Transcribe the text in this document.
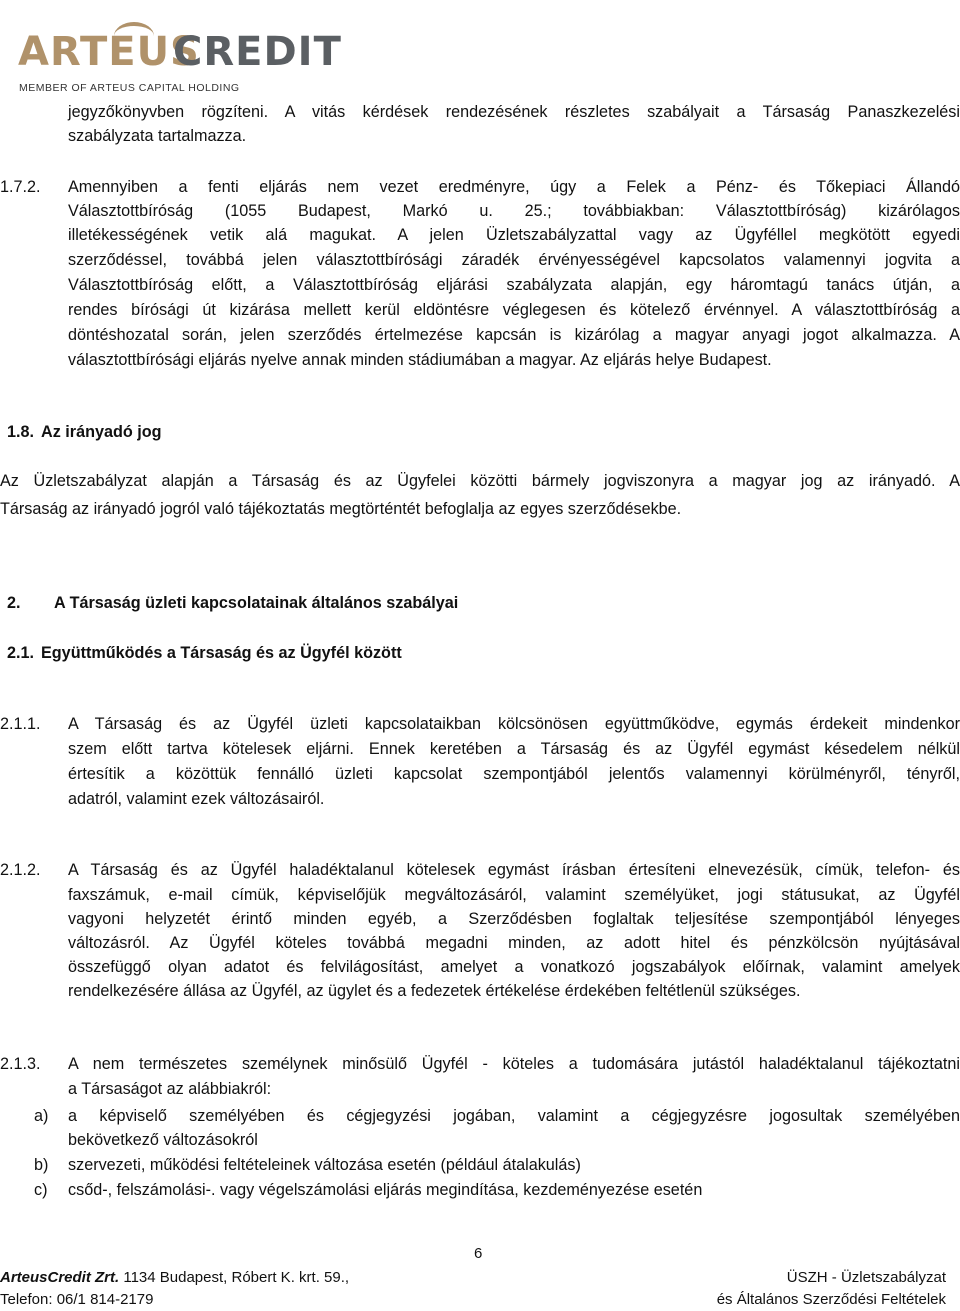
ARTEUS
CREDIT
MEMBER OF ARTEUS CAPITAL HOLDING
jegyzőkönyvben rögzíteni. A vitás kérdések rendezésének részletes szabályait a Társaság Panaszkezelési
szabályzata tartalmazza.
1.7.2. Amennyiben a fenti eljárás nem vezet eredményre, úgy a Felek a Pénz- és Tőkepiaci Állandó
Választottbíróság (1055 Budapest, Markó u. 25.; továbbiakban: Választottbíróság) kizárólagos
illetékességének vetik alá magukat. A jelen Üzletszabályzattal vagy az Ügyféllel megkötött egyedi
szerződéssel, továbbá jelen választottbírósági záradék érvényességével kapcsolatos valamennyi jogvita a
Választottbíróság előtt, a Választottbíróság eljárási szabályzata alapján, egy háromtagú tanács útján, a
rendes bírósági út kizárása mellett kerül eldöntésre véglegesen és kötelező érvénnyel. A választottbíróság a
döntéshozatal során, jelen szerződés értelmezése kapcsán is kizárólag a magyar anyagi jogot alkalmazza. A
választottbírósági eljárás nyelve annak minden stádiumában a magyar. Az eljárás helye Budapest.
1.8. Az irányadó jog
Az Üzletszabályzat alapján a Társaság és az Ügyfelei közötti bármely jogviszonyra a magyar jog az irányadó. A
Társaság az irányadó jogról való tájékoztatás megtörténtét befoglalja az egyes szerződésekbe.
2. A Társaság üzleti kapcsolatainak általános szabályai
2.1. Együttműködés a Társaság és az Ügyfél között
2.1.1. A Társaság és az Ügyfél üzleti kapcsolataikban kölcsönösen együttműködve, egymás érdekeit mindenkor
szem előtt tartva kötelesek eljárni. Ennek keretében a Társaság és az Ügyfél egymást késedelem nélkül
értesítik a közöttük fennálló üzleti kapcsolat szempontjából jelentős valamennyi körülményről, tényről,
adatról, valamint ezek változásairól.
2.1.2. A Társaság és az Ügyfél haladéktalanul kötelesek egymást írásban értesíteni elnevezésük, címük, telefon- és
faxszámuk, e-mail címük, képviselőjük megváltozásáról, valamint személyüket, jogi státusukat, az Ügyfél
vagyoni helyzetét érintő minden egyéb, a Szerződésben foglaltak teljesítése szempontjából lényeges
változásról. Az Ügyfél köteles továbbá megadni minden, az adott hitel és pénzkölcsön nyújtásával
összefüggő olyan adatot és felvilágosítást, amelyet a vonatkozó jogszabályok előírnak, valamint amelyek
rendelkezésére állása az Ügyfél, az ügylet és a fedezetek értékelése érdekében feltétlenül szükséges.
2.1.3. A nem természetes személynek minősülő Ügyfél - köteles a tudomására jutástól haladéktalanul tájékoztatni
a Társaságot az alábbiakról:
a) a képviselő személyében és cégjegyzési jogában, valamint a cégjegyzésre jogosultak személyében
bekövetkező változásokról
b) szervezeti, működési feltételeinek változása esetén (például átalakulás)
c) csőd-, felszámolási-. vagy végelszámolási eljárás megindítása, kezdeményezése esetén
6
ArteusCredit Zrt. 1134 Budapest, Róbert K. krt. 59.,
Telefon: 06/1 814-2179
ÜSZH - Üzletszabályzat
és Általános Szerződési Feltételek
